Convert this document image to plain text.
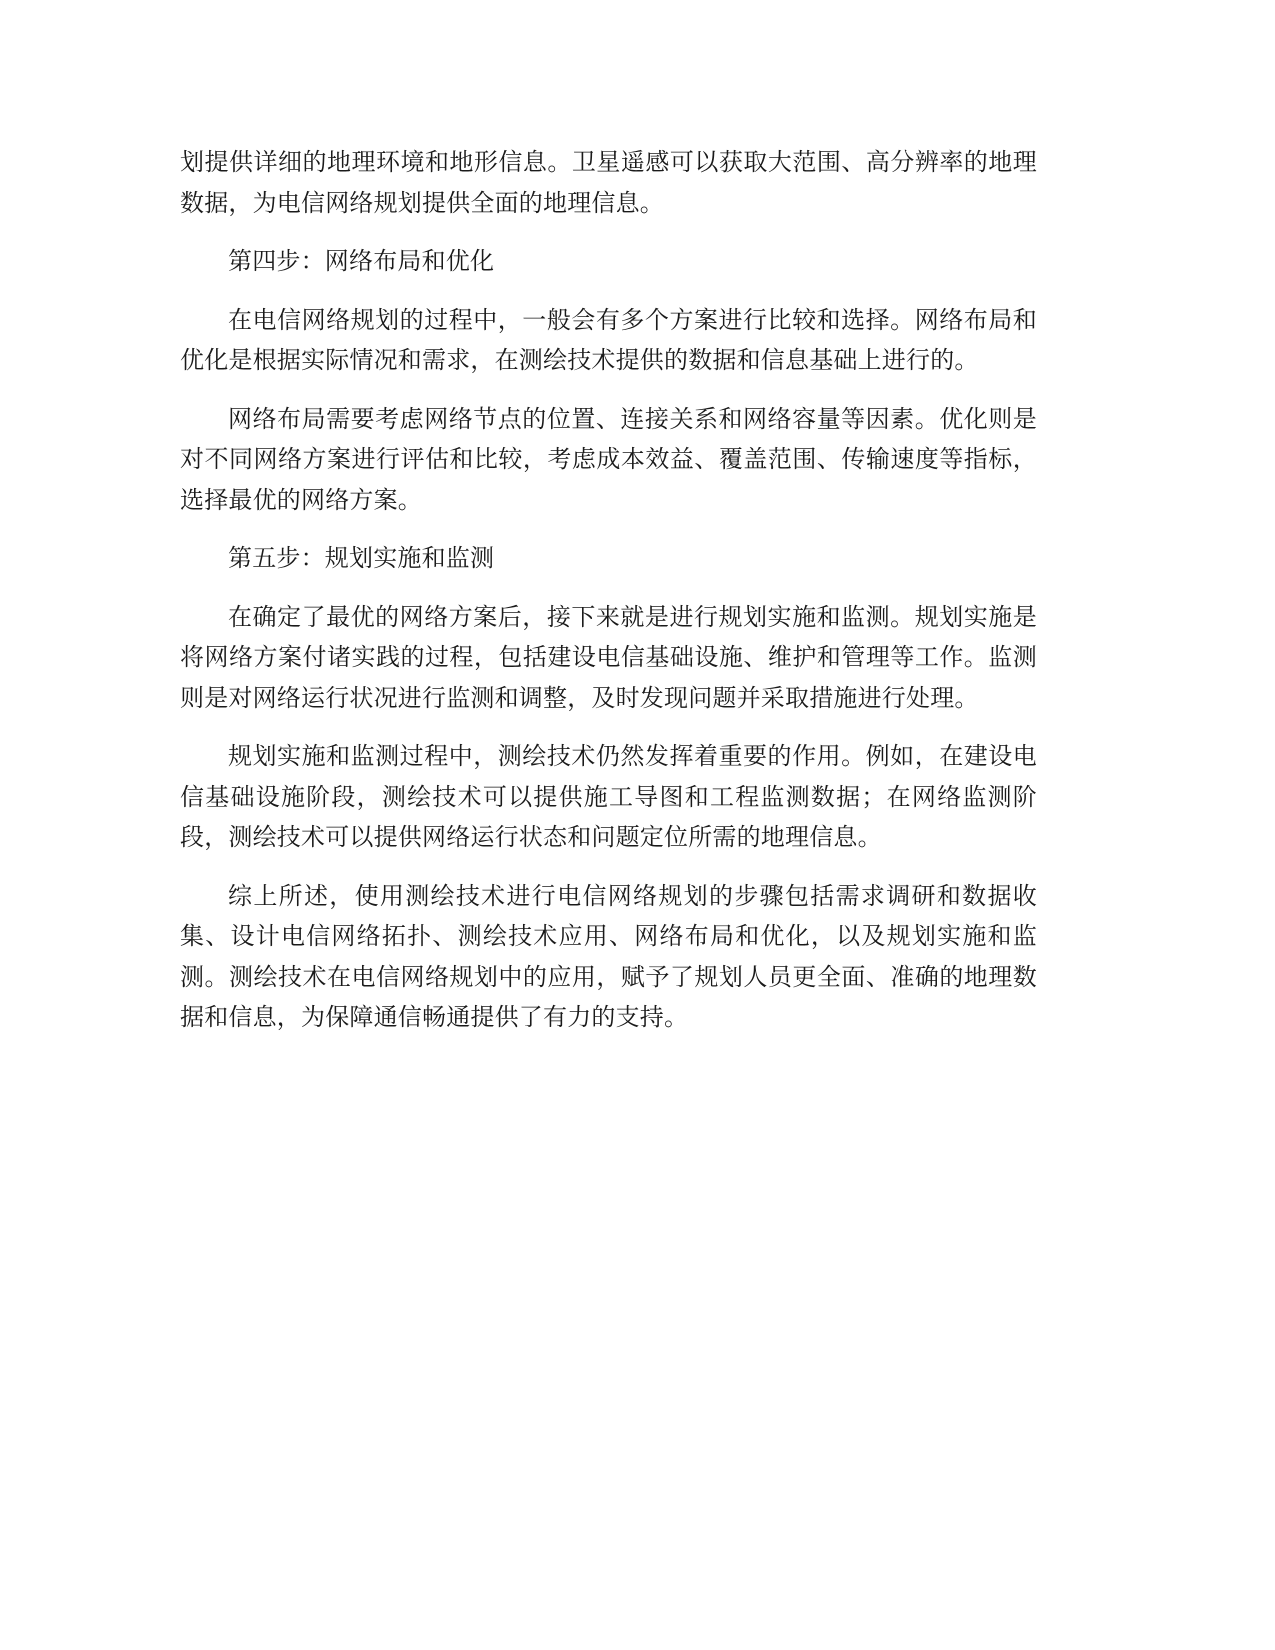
划提供详细的地理环境和地形信息。卫星遥感可以获取大范围、高分辨率的地理数据，为电信网络规划提供全面的地理信息。

第四步：网络布局和优化

在电信网络规划的过程中，一般会有多个方案进行比较和选择。网络布局和优化是根据实际情况和需求，在测绘技术提供的数据和信息基础上进行的。

网络布局需要考虑网络节点的位置、连接关系和网络容量等因素。优化则是对不同网络方案进行评估和比较，考虑成本效益、覆盖范围、传输速度等指标，选择最优的网络方案。

第五步：规划实施和监测

在确定了最优的网络方案后，接下来就是进行规划实施和监测。规划实施是将网络方案付诸实践的过程，包括建设电信基础设施、维护和管理等工作。监测则是对网络运行状况进行监测和调整，及时发现问题并采取措施进行处理。

规划实施和监测过程中，测绘技术仍然发挥着重要的作用。例如，在建设电信基础设施阶段，测绘技术可以提供施工导图和工程监测数据；在网络监测阶段，测绘技术可以提供网络运行状态和问题定位所需的地理信息。

综上所述，使用测绘技术进行电信网络规划的步骤包括需求调研和数据收集、设计电信网络拓扑、测绘技术应用、网络布局和优化，以及规划实施和监测。测绘技术在电信网络规划中的应用，赋予了规划人员更全面、准确的地理数据和信息，为保障通信畅通提供了有力的支持。
